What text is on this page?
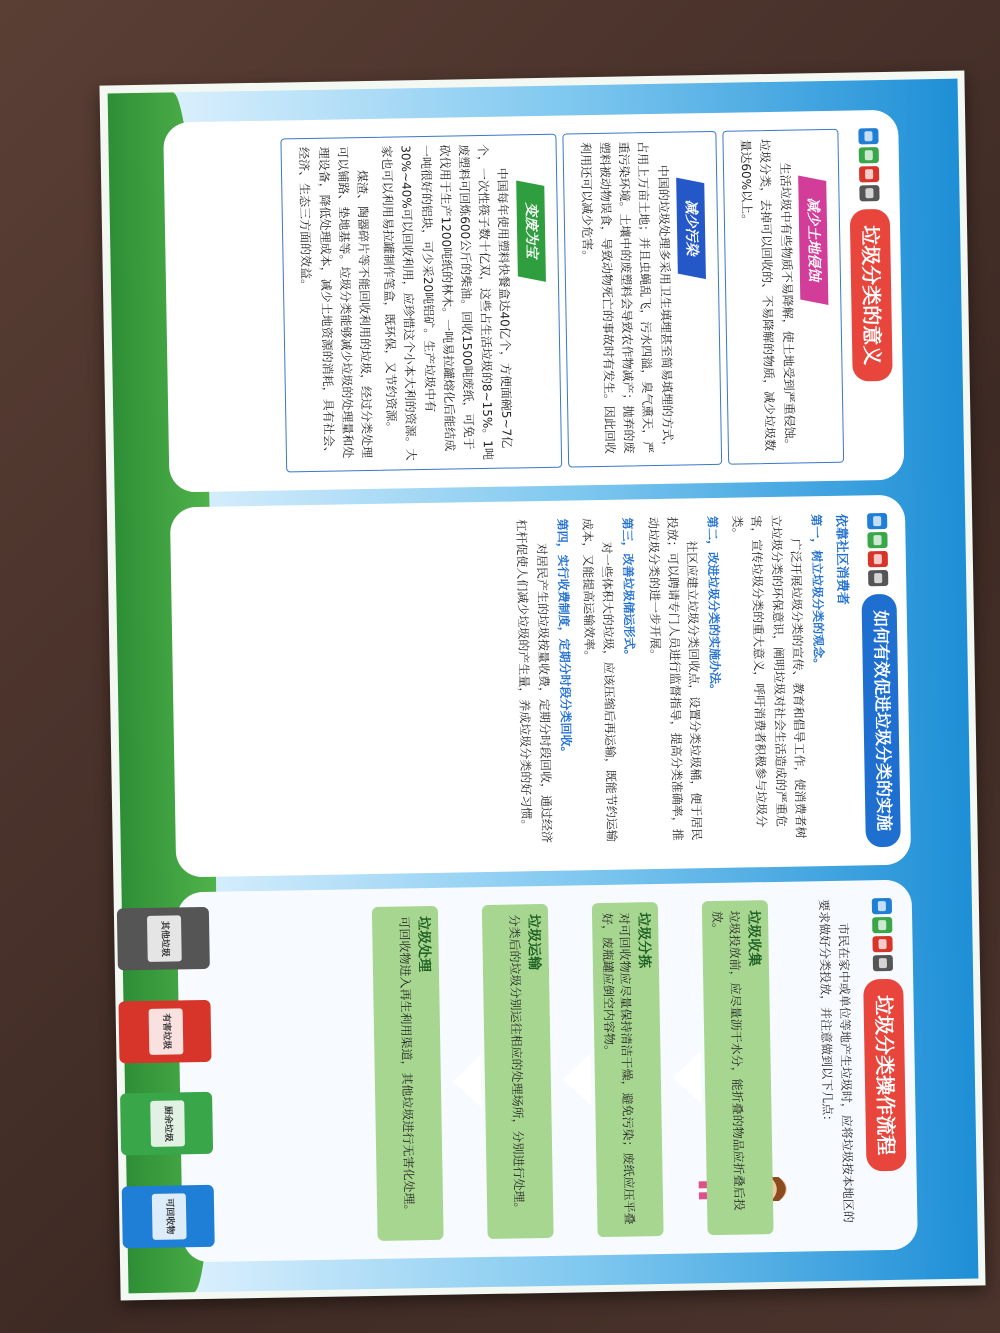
垃圾分类的意义
减少土地侵蚀

生活垃圾中有些物质不易降解，使土地受到严重侵蚀。垃圾分类，去掉可以回收的、不易降解的物质，减少垃圾数量达60%以上。

减少污染

中国的垃圾处理多采用卫生填埋甚至简易填埋的方式，占用上万亩土地；并且虫蝇乱飞，污水四溢，臭气熏天，严重污染环境。土壤中的废塑料会导致农作物减产；抛弃的废塑料被动物误食，导致动物死亡的事故时有发生。因此回收利用还可以减少危害。

变废为宝

中国每年使用塑料快餐盒达40亿个，方便面碗5~7亿个，一次性筷子数十亿双，这些占生活垃圾的8~15%。1吨废塑料可回炼600公斤的柴油。回收1500吨废纸，可免于砍伐用于生产1200吨纸的林木。一吨易拉罐熔化后能结成一吨很好的铝块，可少采20吨铝矿。生产垃圾中有30%~40%可以回收利用，应珍惜这个小本大利的资源。大家也可以利用易拉罐制作笔盒，既环保，又节约资源。

煤渣、陶器碎片等不能回收利用的垃圾，经过分类处理可以铺路、垫地基等。垃圾分类能够减少垃圾的处理量和处理设备，降低处理成本，减少土地资源的消耗，具有社会、经济、生态三方面的效益。

如何有效促进垃圾分类的实施
依靠社区消费者
第一，树立垃圾分类的观念。

广泛开展垃圾分类的宣传、教育和倡导工作，使消费者树立垃圾分类的环保意识，阐明垃圾对社会生活造成的严重危害，宣传垃圾分类的重大意义，呼吁消费者积极参与垃圾分类。

第二，改进垃圾分类的实施办法。

社区应建立垃圾分类回收点，设置分类垃圾桶，便于居民投放；可以聘请专门人员进行监督指导，提高分类准确率，推动垃圾分类的进一步开展。

第三，改善垃圾储运形式。

对一些体积大的垃圾，应该压缩后再运输，既能节约运输成本，又能提高运输效率。

第四，实行收费制度，定期分时段分类回收。

对居民产生的垃圾按量收费，定期分时段回收，通过经济杠杆促使人们减少垃圾的产生量，养成垃圾分类的好习惯。

垃圾分类操作流程

市民在家中或单位等地产生垃圾时，应将垃圾按本地区的要求做好分类投放，并注意做到以下几点：

垃圾收集
垃圾投放前，应尽量沥干水分，能折叠的物品应折叠后投放。
垃圾分拣
对可回收物应尽量保持清洁干燥，避免污染；废纸应压平叠好，废瓶罐应倒空内容物。
垃圾运输
分类后的垃圾分别运往相应的处理场所，分别进行处理。
垃圾处理
可回收物进入再生利用渠道，其他垃圾进行无害化处理。
其他垃圾
有害垃圾
厨余垃圾
可回收物
